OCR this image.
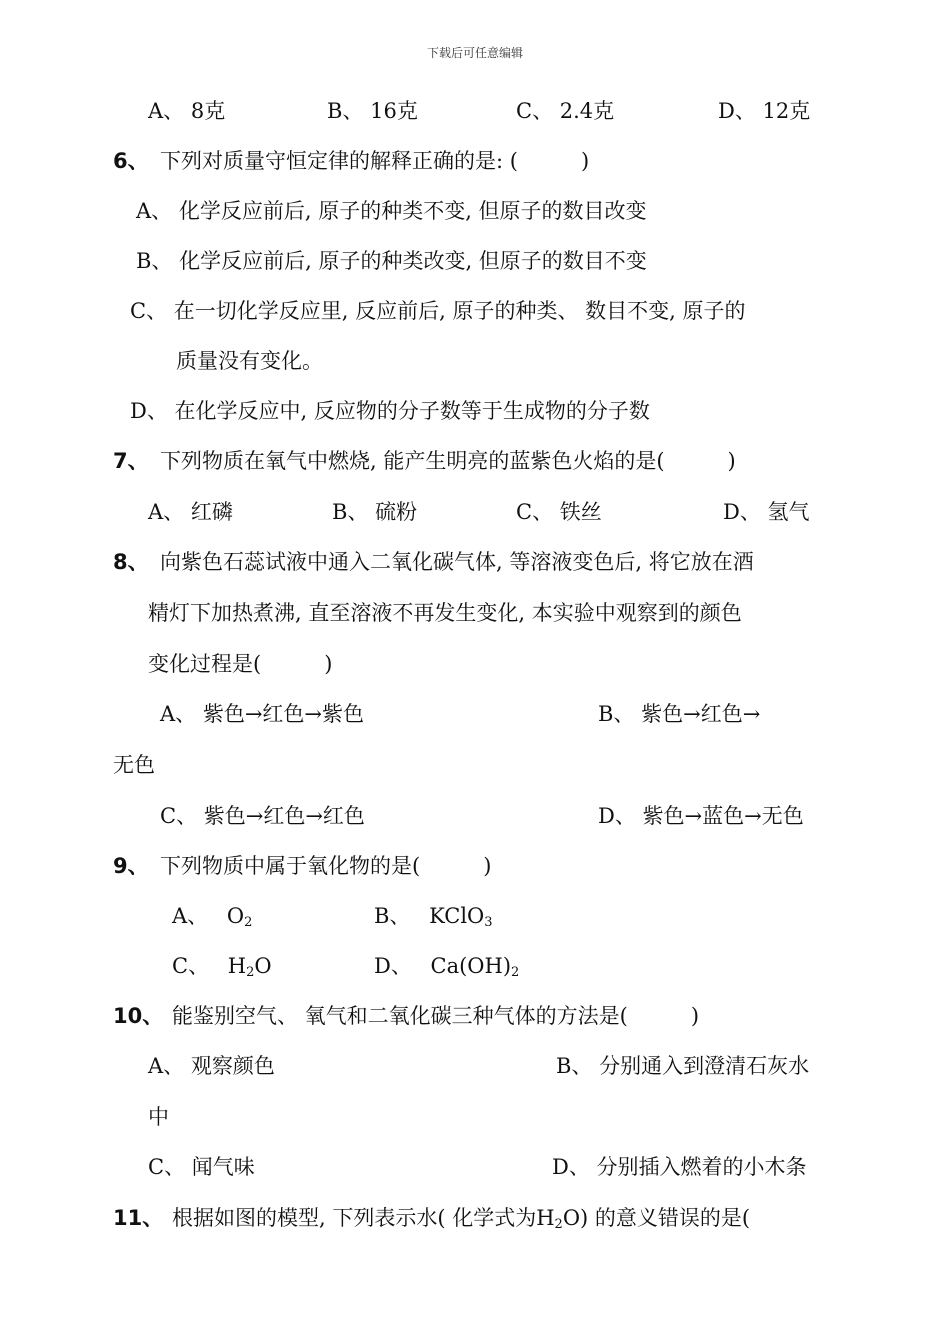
下载后可任意编辑
A、 8克	B、 16克	C、 2.4克	D、 12克
6、 下列对质量守恒定律的解释正确的是: (　　　)
A、 化学反应前后, 原子的种类不变, 但原子的数目改变
B、 化学反应前后, 原子的种类改变, 但原子的数目不变
C、 在一切化学反应里, 反应前后, 原子的种类、 数目不变, 原子的
质量没有变化。
D、 在化学反应中, 反应物的分子数等于生成物的分子数
7、 下列物质在氧气中燃烧, 能产生明亮的蓝紫色火焰的是(　　　)
A、 红磷	B、 硫粉	C、 铁丝	D、 氢气
8、 向紫色石蕊试液中通入二氧化碳气体, 等溶液变色后, 将它放在酒
精灯下加热煮沸, 直至溶液不再发生变化, 本实验中观察到的颜色
变化过程是(　　　)
A、 紫色→红色→紫色	B、 紫色→红色→
无色
C、 紫色→红色→红色	D、 紫色→蓝色→无色
9、 下列物质中属于氧化物的是(　　　)
A、 $O_2$	B、 KClO$_3$
C、 $H_2O$	D、 $Ca(OH)_2$
10、 能鉴别空气、 氧气和二氧化碳三种气体的方法是(　　　)
A、 观察颜色	B、 分别通入到澄清石灰水
中
C、 闻气味	D、 分别插入燃着的小木条
11、 根据如图的模型, 下列表示水( 化学式为$H_2O$) 的意义错误的是(
